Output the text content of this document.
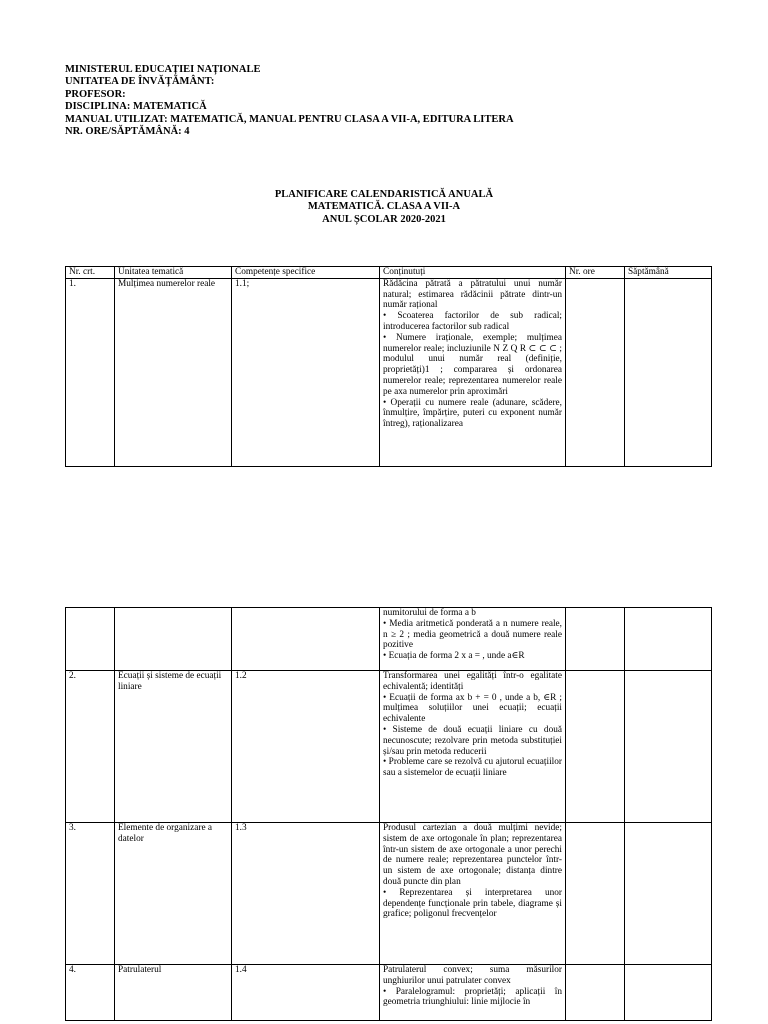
MINISTERUL EDUCAȚIEI NAȚIONALE
UNITATEA DE ÎNVĂȚĂMÂNT:
PROFESOR:
DISCIPLINA: MATEMATICĂ
MANUAL UTILIZAT: MATEMATICĂ, MANUAL PENTRU CLASA A VII-A, EDITURA LITERA
NR. ORE/SĂPTĂMÂNĂ: 4
PLANIFICARE CALENDARISTICĂ ANUALĂ
MATEMATICĂ. CLASA A VII-A
ANUL ȘCOLAR 2020-2021
Nr. crt.	Unitatea tematică	Competențe specifice	Conținutuți	Nr. ore	Săptămână
1.	Mulțimea numerelor reale	1.1;	Rădăcina pătrată a pătratului unui număr natural; estimarea rădăcinii pătrate dintr-un număr rațional
• Scoaterea factorilor de sub radical; introducerea factorilor sub radical
• Numere iraționale, exemple; mulțimea numerelor reale; incluziunile N Z Q R ⊂ ⊂ ⊂ ; modulul unui număr real (definiție, proprietăți)1 ; compararea și ordonarea numerelor reale; reprezentarea numerelor reale pe axa numerelor prin aproximări
• Operații cu numere reale (adunare, scădere, înmulțire, împărțire, puteri cu exponent număr întreg), raționalizarea		

			numitorului de forma a b
• Media aritmetică ponderată a n numere reale, n ≥ 2 ; media geometrică a două numere reale pozitive
• Ecuația de forma 2 x a = , unde a∈R		

2.	Ecuații și sisteme de ecuații liniare	1.2	Transformarea unei egalități într-o egalitate echivalentă; identități
• Ecuații de forma ax b + = 0 , unde a b, ∈R ; mulțimea soluțiilor unei ecuații; ecuații echivalente
• Sisteme de două ecuații liniare cu două necunoscute; rezolvare prin metoda substituției și/sau prin metoda reducerii
• Probleme care se rezolvă cu ajutorul ecuațiilor sau a sistemelor de ecuații liniare		

3.	Elemente de organizare a datelor	1.3	Produsul cartezian a două mulțimi nevide; sistem de axe ortogonale în plan; reprezentarea într-un sistem de axe ortogonale a unor perechi de numere reale; reprezentarea punctelor într-un sistem de axe ortogonale; distanța dintre două puncte din plan
• Reprezentarea și interpretarea unor dependențe funcționale prin tabele, diagrame și grafice; poligonul frecvențelor		

4.	Patrulaterul	1.4	Patrulaterul convex; suma măsurilor unghiurilor unui patrulater convex
• Paralelogramul: proprietăți; aplicații în geometria triunghiului: linie mijlocie în		
